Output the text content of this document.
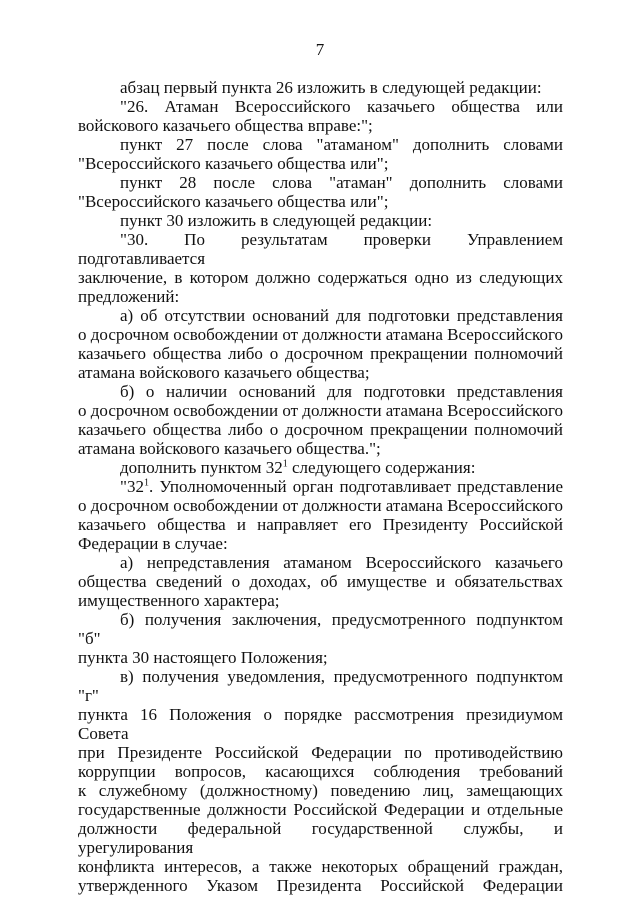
7
абзац первый пункта 26 изложить в следующей редакции:
"26. Атаман Всероссийского казачьего общества или
войскового казачьего общества вправе:";
пункт 27 после слова "атаманом" дополнить словами
"Всероссийского казачьего общества или";
пункт 28 после слова "атаман" дополнить словами
"Всероссийского казачьего общества или";
пункт 30 изложить в следующей редакции:
"30. По результатам проверки Управлением подготавливается
заключение, в котором должно содержаться одно из следующих
предложений:
а) об отсутствии оснований для подготовки представления
о досрочном освобождении от должности атамана Всероссийского
казачьего общества либо о досрочном прекращении полномочий
атамана войскового казачьего общества;
б) о наличии оснований для подготовки представления
о досрочном освобождении от должности атамана Всероссийского
казачьего общества либо о досрочном прекращении полномочий
атамана войскового казачьего общества.";
дополнить пунктом $32^1$ следующего содержания:
"$32^1$. Уполномоченный орган подготавливает представление
о досрочном освобождении от должности атамана Всероссийского
казачьего общества и направляет его Президенту Российской
Федерации в случае:
а) непредставления атаманом Всероссийского казачьего
общества сведений о доходах, об имуществе и обязательствах
имущественного характера;
б) получения заключения, предусмотренного подпунктом "б"
пункта 30 настоящего Положения;
в) получения уведомления, предусмотренного подпунктом "г"
пункта 16 Положения о порядке рассмотрения президиумом Совета
при Президенте Российской Федерации по противодействию
коррупции вопросов, касающихся соблюдения требований
к служебному (должностному) поведению лиц, замещающих
государственные должности Российской Федерации и отдельные
должности федеральной государственной службы, и урегулирования
конфликта интересов, а также некоторых обращений граждан,
утвержденного Указом Президента Российской Федерации
